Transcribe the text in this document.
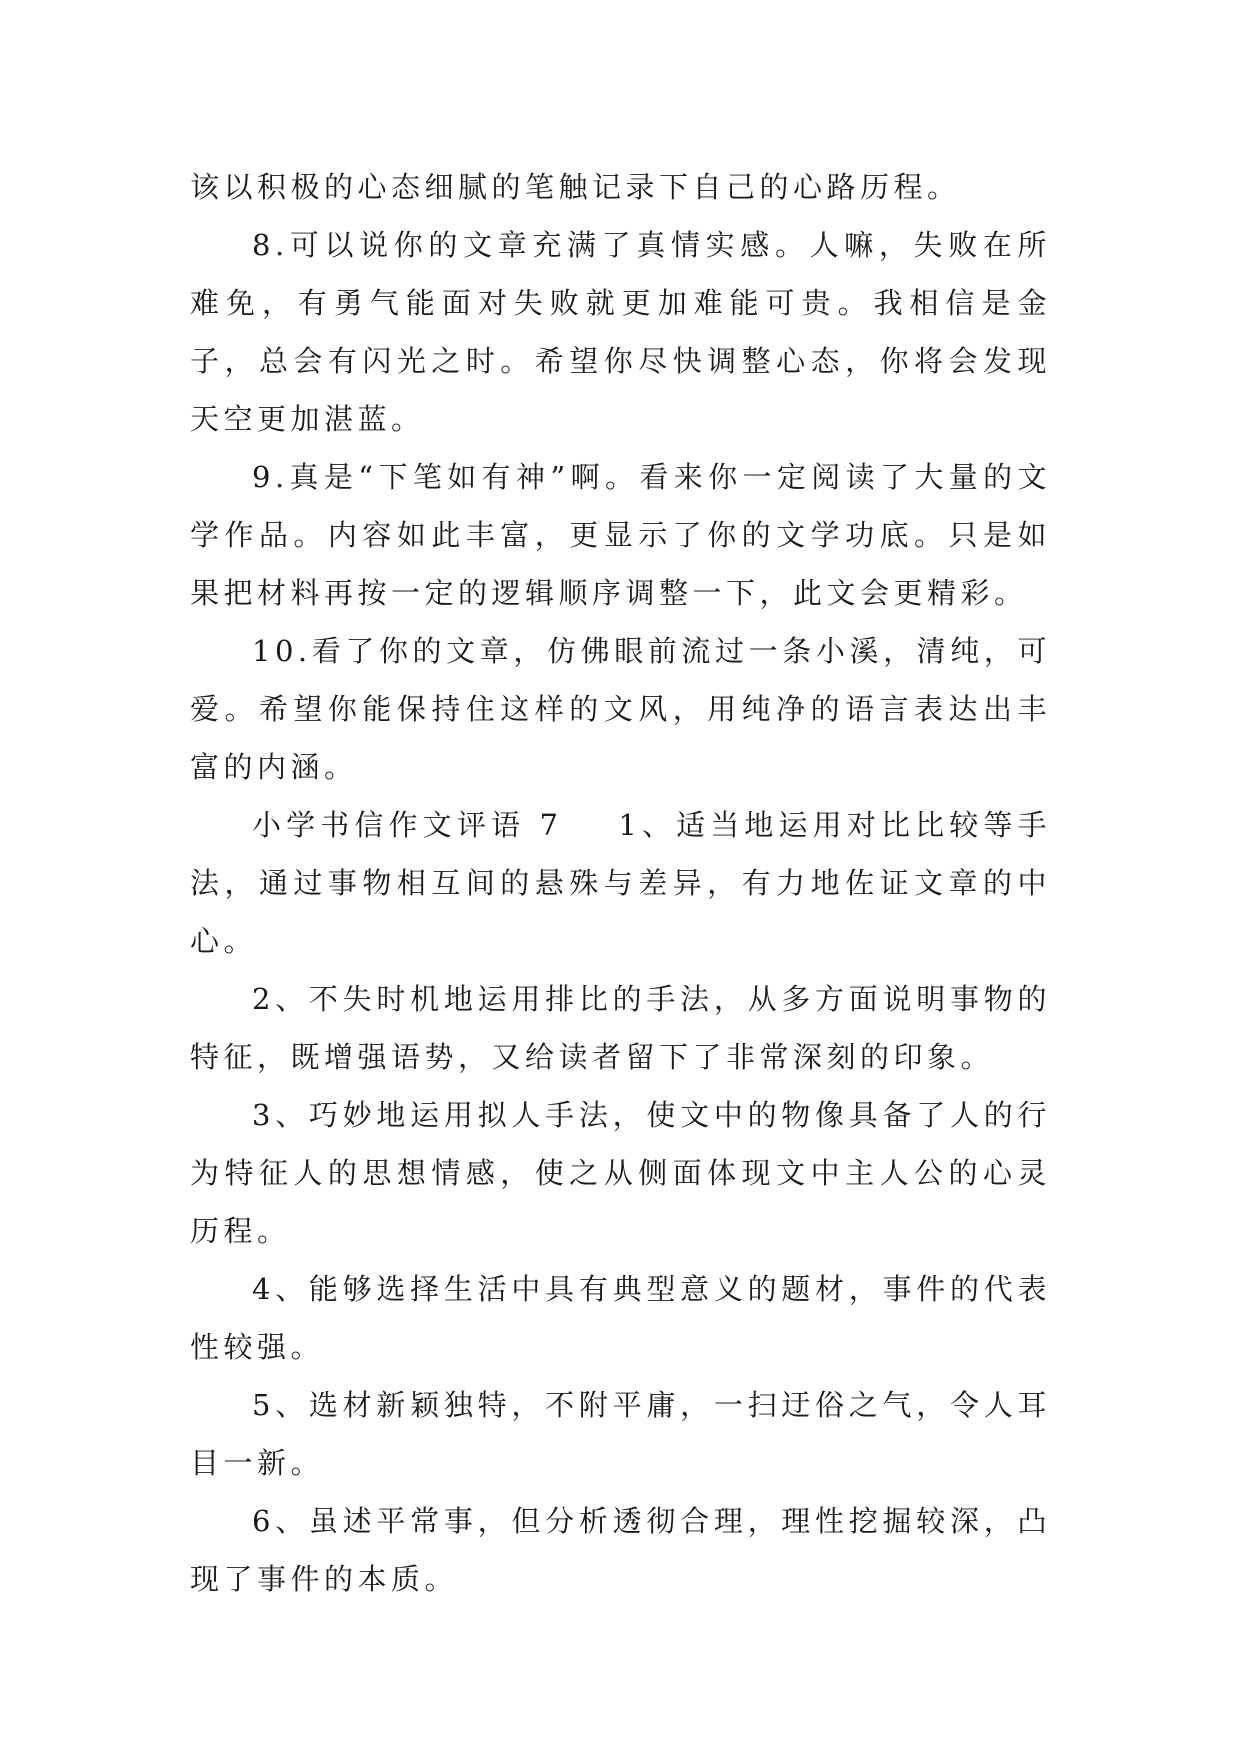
该以积极的心态细腻的笔触记录下自己的心路历程。

8.可以说你的文章充满了真情实感。人嘛，失败在所难免，有勇气能面对失败就更加难能可贵。我相信是金子，总会有闪光之时。希望你尽快调整心态，你将会发现天空更加湛蓝。

9.真是“下笔如有神”啊。看来你一定阅读了大量的文学作品。内容如此丰富，更显示了你的文学功底。只是如果把材料再按一定的逻辑顺序调整一下，此文会更精彩。

10.看了你的文章，仿佛眼前流过一条小溪，清纯，可爱。希望你能保持住这样的文风，用纯净的语言表达出丰富的内涵。

小学书信作文评语 7 1、适当地运用对比比较等手法，通过事物相互间的悬殊与差异，有力地佐证文章的中心。

2、不失时机地运用排比的手法，从多方面说明事物的特征，既增强语势，又给读者留下了非常深刻的印象。

3、巧妙地运用拟人手法，使文中的物像具备了人的行为特征人的思想情感，使之从侧面体现文中主人公的心灵历程。

4、能够选择生活中具有典型意义的题材，事件的代表性较强。

5、选材新颖独特，不附平庸，一扫迂俗之气，令人耳目一新。

6、虽述平常事，但分析透彻合理，理性挖掘较深，凸现了事件的本质。
